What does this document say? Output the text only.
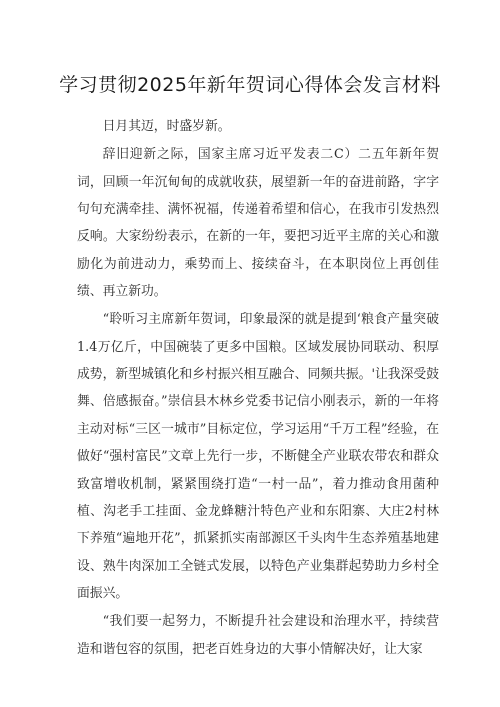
学习贯彻2025年新年贺词心得体会发言材料

日月其迈，时盛岁新。

辞旧迎新之际，国家主席习近平发表二C）二五年新年贺词，回顾一年沉甸甸的成就收获，展望新一年的奋进前路，字字句句充满牵挂、满怀祝福，传递着希望和信心，在我市引发热烈反响。大家纷纷表示，在新的一年，要把习近平主席的关心和激励化为前进动力，乘势而上、接续奋斗，在本职岗位上再创佳绩、再立新功。

“聆听习主席新年贺词，印象最深的就是提到‘粮食产量突破1.4万亿斤，中国碗装了更多中国粮。区域发展协同联动、积厚成势，新型城镇化和乡村振兴相互融合、同频共振。'让我深受鼓舞、倍感振奋。”崇信县木林乡党委书记信小刚表示，新的一年将主动对标“三区一城市”目标定位，学习运用“千万工程”经验，在做好“强村富民”文章上先行一步，不断健全产业联农带农和群众致富增收机制，紧紧围绕打造“一村一品”，着力推动食用菌种植、沟老手工挂面、金龙蜂糖汁特色产业和东阳寨、大庄2村林下养殖“遍地开花”，抓紧抓实南部源区千头肉牛生态养殖基地建设、熟牛肉深加工全链式发展，以特色产业集群起势助力乡村全面振兴。

“我们要一起努力，不断提升社会建设和治理水平，持续营造和谐包容的氛围，把老百姓身边的大事小情解决好，让大家
